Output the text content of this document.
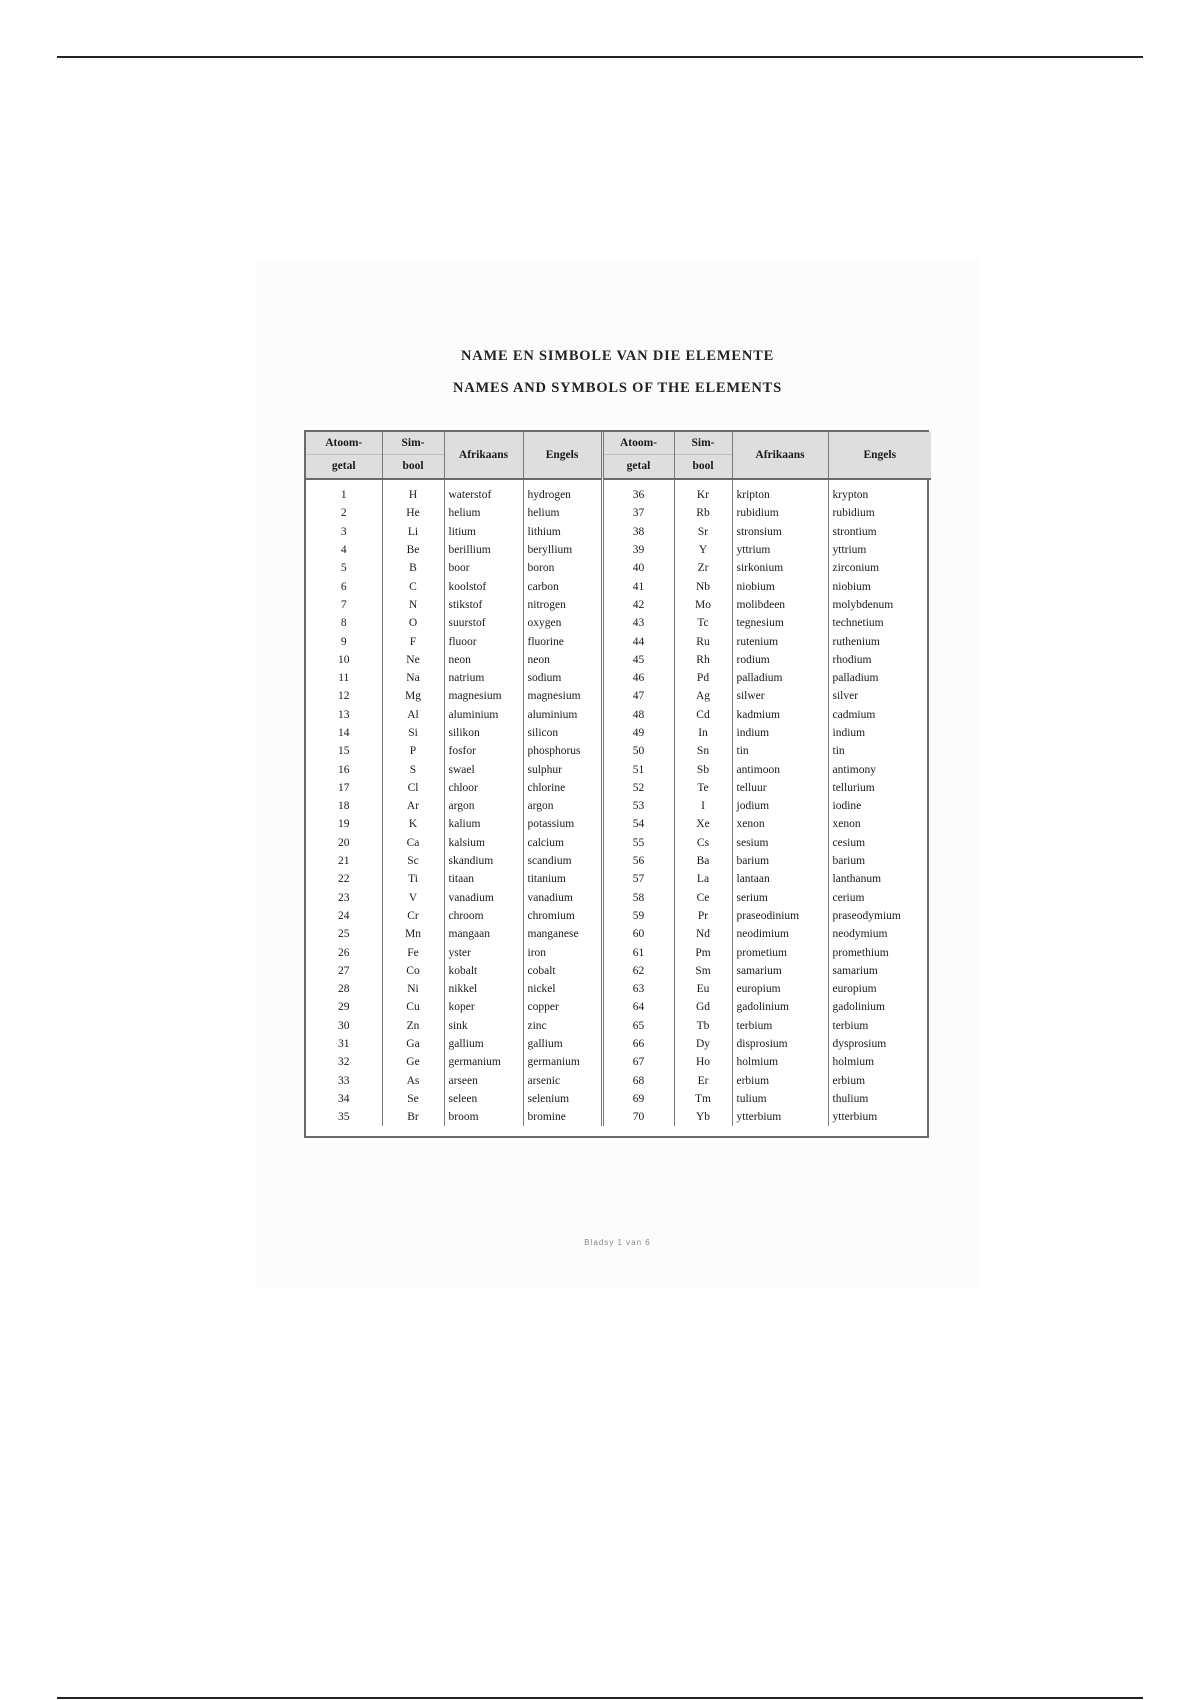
NAME EN SIMBOLE VAN DIE ELEMENTE
NAMES AND SYMBOLS OF THE ELEMENTS
Atoom-
getal	Sim-
bool	Afrikaans	Engels	Atoom-
getal	Sim-
bool	Afrikaans	Engels
1	H	waterstof	hydrogen	36	Kr	kripton	krypton
2	He	helium	helium	37	Rb	rubidium	rubidium
3	Li	litium	lithium	38	Sr	stronsium	strontium
4	Be	berillium	beryllium	39	Y	yttrium	yttrium
5	B	boor	boron	40	Zr	sirkonium	zirconium
6	C	koolstof	carbon	41	Nb	niobium	niobium
7	N	stikstof	nitrogen	42	Mo	molibdeen	molybdenum
8	O	suurstof	oxygen	43	Tc	tegnesium	technetium
9	F	fluoor	fluorine	44	Ru	rutenium	ruthenium
10	Ne	neon	neon	45	Rh	rodium	rhodium
11	Na	natrium	sodium	46	Pd	palladium	palladium
12	Mg	magnesium	magnesium	47	Ag	silwer	silver
13	Al	aluminium	aluminium	48	Cd	kadmium	cadmium
14	Si	silikon	silicon	49	In	indium	indium
15	P	fosfor	phosphorus	50	Sn	tin	tin
16	S	swael	sulphur	51	Sb	antimoon	antimony
17	Cl	chloor	chlorine	52	Te	telluur	tellurium
18	Ar	argon	argon	53	I	jodium	iodine
19	K	kalium	potassium	54	Xe	xenon	xenon
20	Ca	kalsium	calcium	55	Cs	sesium	cesium
21	Sc	skandium	scandium	56	Ba	barium	barium
22	Ti	titaan	titanium	57	La	lantaan	lanthanum
23	V	vanadium	vanadium	58	Ce	serium	cerium
24	Cr	chroom	chromium	59	Pr	praseodinium	praseodymium
25	Mn	mangaan	manganese	60	Nd	neodimium	neodymium
26	Fe	yster	iron	61	Pm	prometium	promethium
27	Co	kobalt	cobalt	62	Sm	samarium	samarium
28	Ni	nikkel	nickel	63	Eu	europium	europium
29	Cu	koper	copper	64	Gd	gadolinium	gadolinium
30	Zn	sink	zinc	65	Tb	terbium	terbium
31	Ga	gallium	gallium	66	Dy	disprosium	dysprosium
32	Ge	germanium	germanium	67	Ho	holmium	holmium
33	As	arseen	arsenic	68	Er	erbium	erbium
34	Se	seleen	selenium	69	Tm	tulium	thulium
35	Br	broom	bromine	70	Yb	ytterbium	ytterbium
Bladsy 1 van 6
